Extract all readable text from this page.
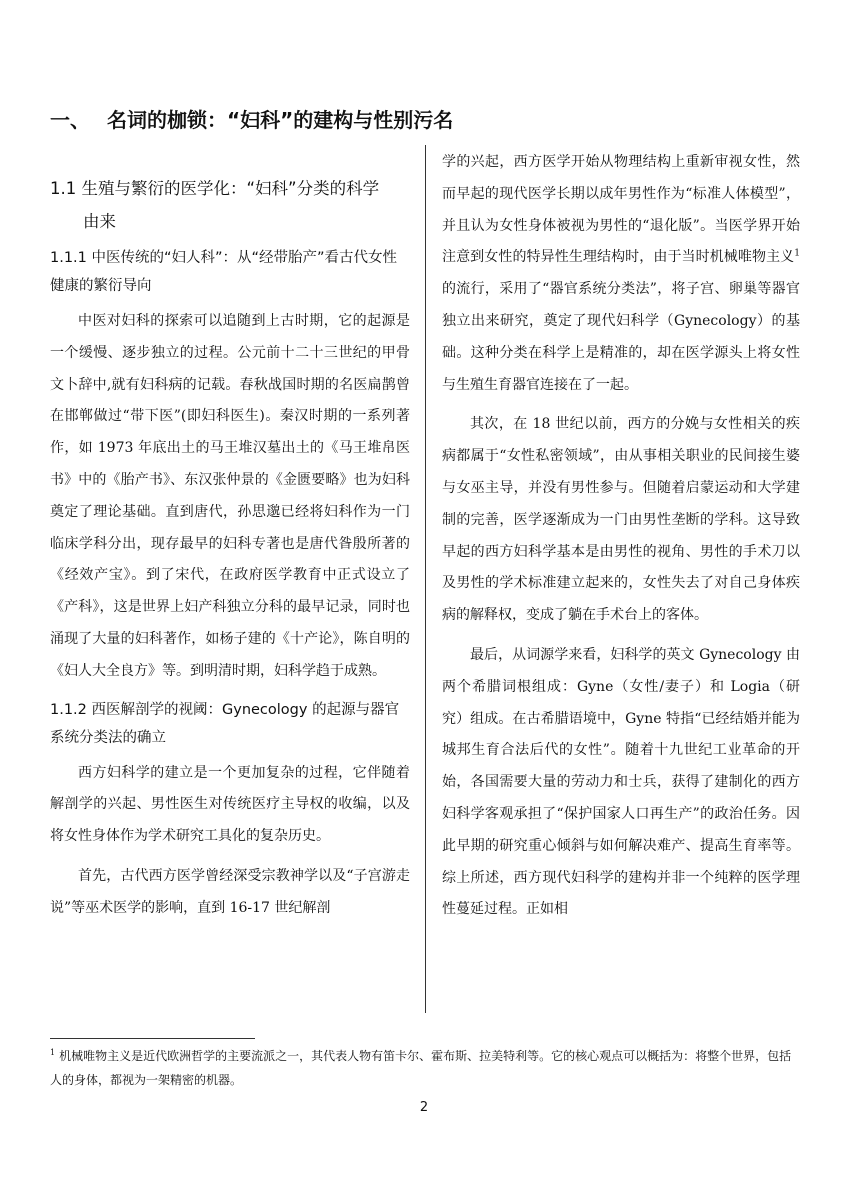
一、 名词的枷锁：“妇科”的建构与性别污名
1.1 生殖与繁衍的医学化：“妇科”分类的科学
由来
1.1.1 中医传统的“妇人科”：从“经带胎产”看古代女性健康的繁衍导向

中医对妇科的探索可以追随到上古时期，它的起源是一个缓慢、逐步独立的过程。公元前十二十三世纪的甲骨文卜辞中,就有妇科病的记载。春秋战国时期的名医扁鹊曾在邯郸做过“带下医”(即妇科医生)。秦汉时期的一系列著作，如 1973 年底出土的马王堆汉墓出土的《马王堆帛医书》中的《胎产书》、东汉张仲景的《金匮要略》也为妇科奠定了理论基础。直到唐代，孙思邈已经将妇科作为一门临床学科分出，现存最早的妇科专著也是唐代昝殷所著的《经效产宝》。到了宋代，在政府医学教育中正式设立了《产科》，这是世界上妇产科独立分科的最早记录，同时也涌现了大量的妇科著作，如杨子建的《十产论》，陈自明的《妇人大全良方》等。到明清时期，妇科学趋于成熟。

1.1.2 西医解剖学的视阈：Gynecology 的起源与器官系统分类法的确立

西方妇科学的建立是一个更加复杂的过程，它伴随着解剖学的兴起、男性医生对传统医疗主导权的收编，以及将女性身体作为学术研究工具化的复杂历史。

首先，古代西方医学曾经深受宗教神学以及“子宫游走说”等巫术医学的影响，直到 16-17 世纪解剖

学的兴起，西方医学开始从物理结构上重新审视女性，然而早起的现代医学长期以成年男性作为“标准人体模型”，并且认为女性身体被视为男性的“退化版”。当医学界开始注意到女性的特异性生理结构时，由于当时机械唯物主义$^1$的流行，采用了“器官系统分类法”，将子宫、卵巢等器官独立出来研究，奠定了现代妇科学（Gynecology）的基础。这种分类在科学上是精准的，却在医学源头上将女性与生殖生育器官连接在了一起。

其次，在 18 世纪以前，西方的分娩与女性相关的疾病都属于“女性私密领域”，由从事相关职业的民间接生婆与女巫主导，并没有男性参与。但随着启蒙运动和大学建制的完善，医学逐渐成为一门由男性垄断的学科。这导致早起的西方妇科学基本是由男性的视角、男性的手术刀以及男性的学术标准建立起来的，女性失去了对自己身体疾病的解释权，变成了躺在手术台上的客体。

最后，从词源学来看，妇科学的英文 Gynecology 由两个希腊词根组成：Gyne（女性/妻子）和 Logia（研究）组成。在古希腊语境中，Gyne 特指“已经结婚并能为城邦生育合法后代的女性”。随着十九世纪工业革命的开始，各国需要大量的劳动力和士兵，获得了建制化的西方妇科学客观承担了“保护国家人口再生产”的政治任务。因此早期的研究重心倾斜与如何解决难产、提高生育率等。综上所述，西方现代妇科学的建构并非一个纯粹的医学理性蔓延过程。正如相

$^1$ 机械唯物主义是近代欧洲哲学的主要流派之一，其代表人物有笛卡尔、霍布斯、拉美特利等。它的核心观点可以概括为：将整个世界，包括人的身体，都视为一架精密的机器。
2
